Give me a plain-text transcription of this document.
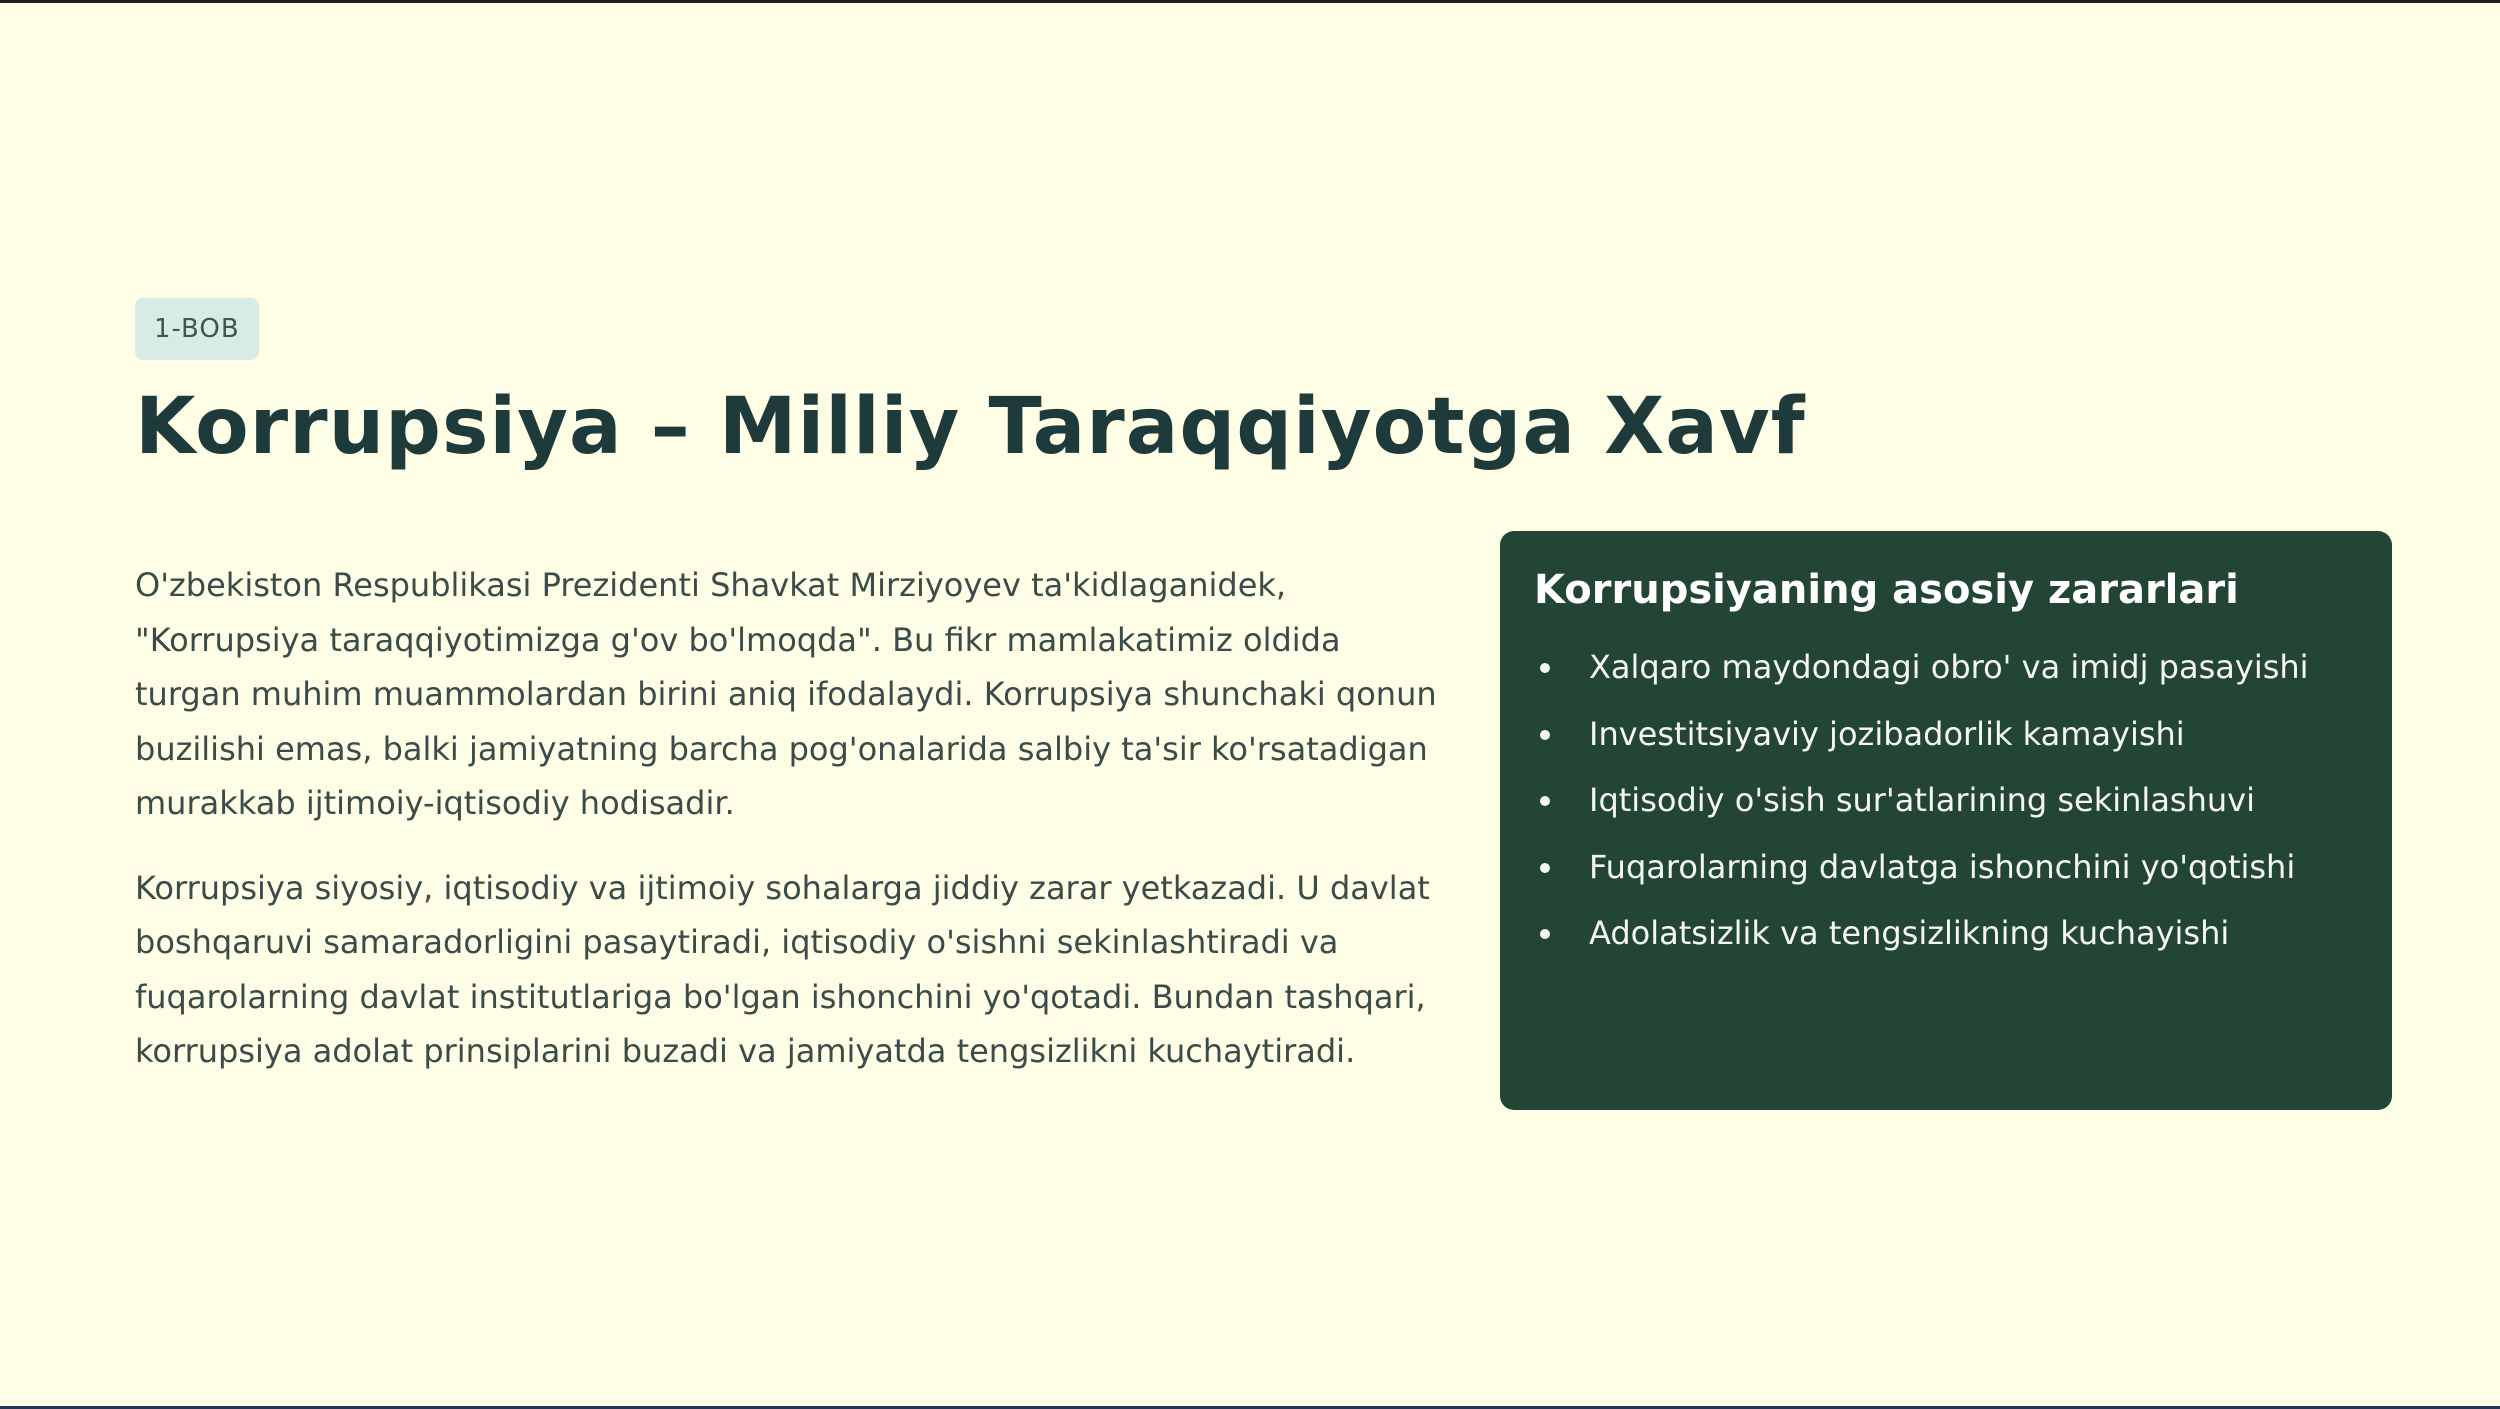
1-BOB
Korrupsiya – Milliy Taraqqiyotga Xavf

O'zbekiston Respublikasi Prezidenti Shavkat Mirziyoyev ta'kidlaganidek, "Korrupsiya taraqqiyotimizga g'ov bo'lmoqda". Bu fikr mamlakatimiz oldida turgan muhim muammolardan birini aniq ifodalaydi. Korrupsiya shunchaki qonun buzilishi emas, balki jamiyatning barcha pog'onalarida salbiy ta'sir ko'rsatadigan murakkab ijtimoiy-iqtisodiy hodisadir.

Korrupsiya siyosiy, iqtisodiy va ijtimoiy sohalarga jiddiy zarar yetkazadi. U davlat boshqaruvi samaradorligini pasaytiradi, iqtisodiy o'sishni sekinlashtiradi va fuqarolarning davlat institutlariga bo'lgan ishonchini yo'qotadi. Bundan tashqari, korrupsiya adolat prinsiplarini buzadi va jamiyatda tengsizlikni kuchaytiradi.

Korrupsiyaning asosiy zararlari
Xalqaro maydondagi obro' va imidj pasayishi
Investitsiyaviy jozibadorlik kamayishi
Iqtisodiy o'sish sur'atlarining sekinlashuvi
Fuqarolarning davlatga ishonchini yo'qotishi
Adolatsizlik va tengsizlikning kuchayishi
